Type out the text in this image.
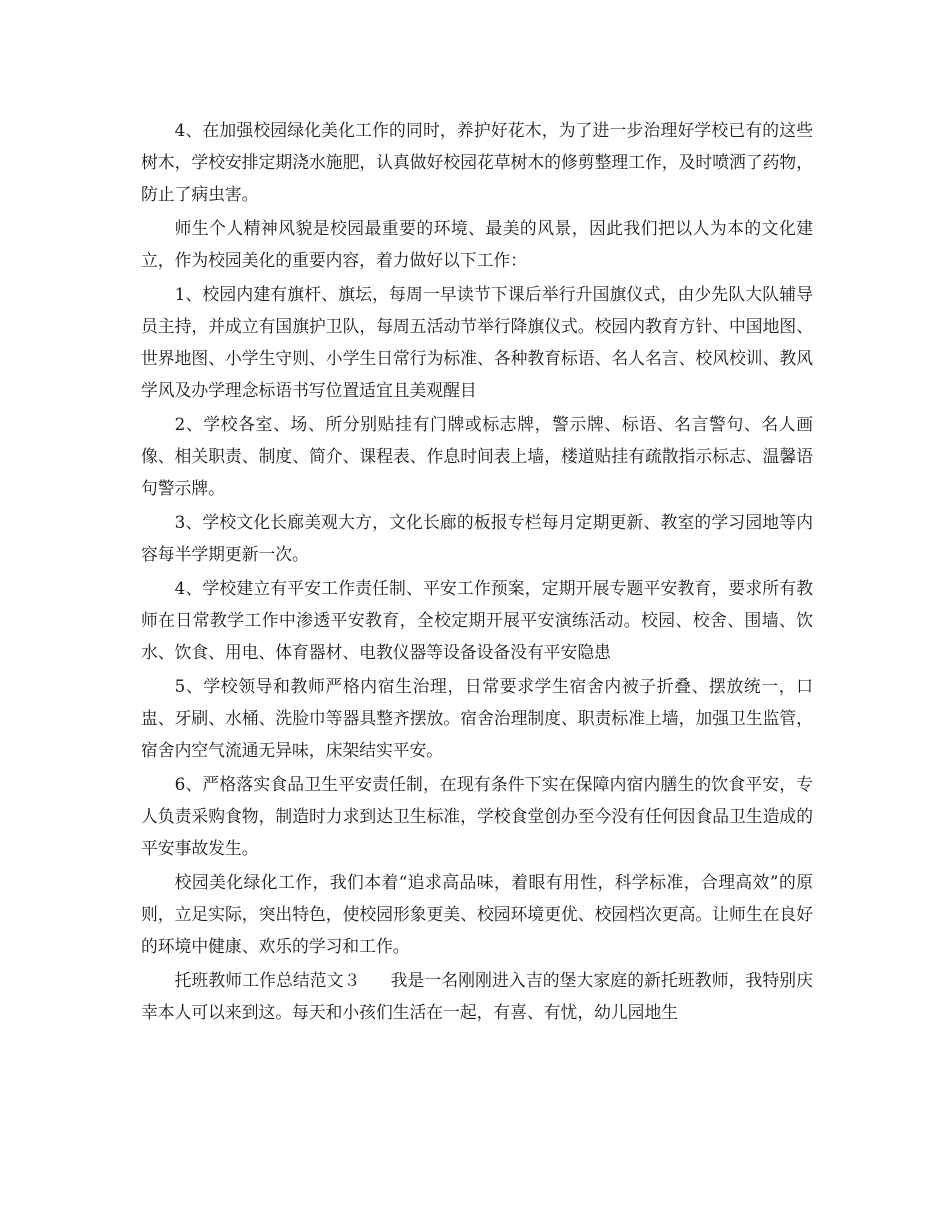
4、在加强校园绿化美化工作的同时，养护好花木，为了进一步治理好学校已有的这些树木，学校安排定期浇水施肥，认真做好校园花草树木的修剪整理工作，及时喷洒了药物，防止了病虫害。

师生个人精神风貌是校园最重要的环境、最美的风景，因此我们把以人为本的文化建立，作为校园美化的重要内容，着力做好以下工作：

1、校园内建有旗杆、旗坛，每周一早读节下课后举行升国旗仪式，由少先队大队辅导员主持，并成立有国旗护卫队，每周五活动节举行降旗仪式。校园内教育方针、中国地图、世界地图、小学生守则、小学生日常行为标准、各种教育标语、名人名言、校风校训、教风学风及办学理念标语书写位置适宜且美观醒目

2、学校各室、场、所分别贴挂有门牌或标志牌，警示牌、标语、名言警句、名人画像、相关职责、制度、简介、课程表、作息时间表上墙，楼道贴挂有疏散指示标志、温馨语句警示牌。

3、学校文化长廊美观大方，文化长廊的板报专栏每月定期更新、教室的学习园地等内容每半学期更新一次。

4、学校建立有平安工作责任制、平安工作预案，定期开展专题平安教育，要求所有教师在日常教学工作中渗透平安教育，全校定期开展平安演练活动。校园、校舍、围墙、饮水、饮食、用电、体育器材、电教仪器等设备设备没有平安隐患

5、学校领导和教师严格内宿生治理，日常要求学生宿舍内被子折叠、摆放统一，口盅、牙刷、水桶、洗脸巾等器具整齐摆放。宿舍治理制度、职责标准上墙，加强卫生监管，宿舍内空气流通无异味，床架结实平安。

6、严格落实食品卫生平安责任制，在现有条件下实在保障内宿内膳生的饮食平安，专人负责采购食物，制造时力求到达卫生标准，学校食堂创办至今没有任何因食品卫生造成的平安事故发生。

校园美化绿化工作，我们本着“追求高品味，着眼有用性，科学标准，合理高效”的原则，立足实际，突出特色，使校园形象更美、校园环境更优、校园档次更高。让师生在良好的环境中健康、欢乐的学习和工作。

托班教师工作总结范文３ 我是一名刚刚进入吉的堡大家庭的新托班教师，我特别庆幸本人可以来到这。每天和小孩们生活在一起，有喜、有忧，幼儿园地生
